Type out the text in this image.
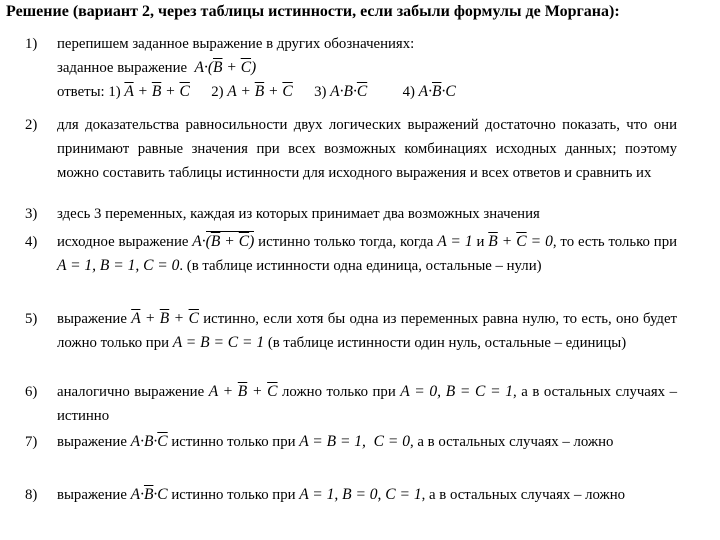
Решение (вариант 2, через таблицы истинности, если забыли формулы де Моргана):
1)	перепишем заданное выражение в других обозначениях:
заданное выражение $A\cdot(\overline{B} + \overline{C})$
ответы: 1) $\overline{A} + \overline{B} + \overline{C}$ 2) $A + \overline{B} + \overline{C}$ 3) $A\cdot B\cdot\overline{C}$ 4) $A\cdot\overline{B}\cdot C$
2)	для доказательства равносильности двух логических выражений достаточно показать, что они принимают равные значения при всех возможных комбинациях исходных данных; поэтому можно составить таблицы истинности для исходного выражения и всех ответов и сравнить их
3)	здесь 3 переменных, каждая из которых принимает два возможных значения
4)	исходное выражение $A\cdot(\overline{B} + \overline{C})$ истинно только тогда, когда A = 1 и $\overline{B} + \overline{C} = 0$, то есть только при A = 1, B = 1, C = 0. (в таблице истинности одна единица, остальные – нули)
5)	выражение $\overline{A} + \overline{B} + \overline{C}$ истинно, если хотя бы одна из переменных равна нулю, то есть, оно будет ложно только при A = B = C = 1 (в таблице истинности один нуль, остальные – единицы)
6)	аналогично выражение $A + \overline{B} + \overline{C}$ ложно только при A = 0, B = C = 1, а в остальных случаях – истинно
7)	выражение $A\cdot B\cdot\overline{C}$ истинно только при A = B = 1,  C = 0, а в остальных случаях – ложно
8)	выражение $A\cdot\overline{B}\cdot C$ истинно только при A = 1, B = 0, C = 1, а в остальных случаях – ложно
